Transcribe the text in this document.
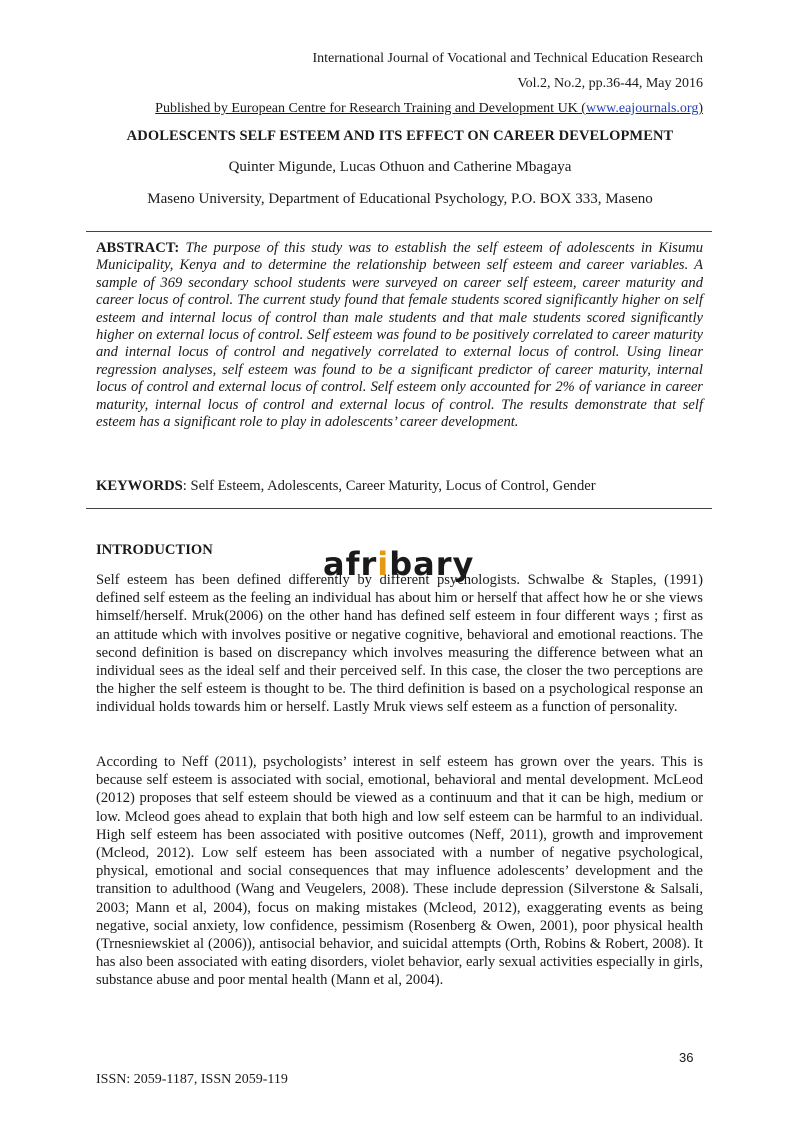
International Journal of Vocational and Technical Education Research
Vol.2, No.2, pp.36-44, May 2016
Published by European Centre for Research Training and Development UK (www.eajournals.org)
ADOLESCENTS SELF ESTEEM AND ITS EFFECT ON CAREER DEVELOPMENT
Quinter Migunde, Lucas Othuon and Catherine Mbagaya
Maseno University, Department of Educational Psychology, P.O. BOX 333, Maseno
ABSTRACT: The purpose of this study was to establish the self esteem of adolescents in Kisumu Municipality, Kenya and to determine the relationship between self esteem and career variables. A sample of 369 secondary school students were surveyed on career self esteem, career maturity and career locus of control. The current study found that female students scored significantly higher on self esteem and internal locus of control than male students and that male students scored significantly higher on external locus of control. Self esteem was found to be positively correlated to career maturity and internal locus of control and negatively correlated to external locus of control. Using linear regression analyses, self esteem was found to be a significant predictor of career maturity, internal locus of control and external locus of control. Self esteem only accounted for 2% of variance in career maturity, internal locus of control and external locus of control. The results demonstrate that self esteem has a significant role to play in adolescents’ career development.
KEYWORDS: Self Esteem, Adolescents, Career Maturity, Locus of Control, Gender
INTRODUCTION
Self esteem has been defined differently by different psychologists. Schwalbe & Staples, (1991) defined self esteem as the feeling an individual has about him or herself that affect how he or she views himself/herself. Mruk(2006) on the other hand has defined self esteem in four different ways ; first as an attitude which with involves positive or negative cognitive, behavioral and emotional reactions. The second definition is based on discrepancy which involves measuring the difference between what an individual sees as the ideal self and their perceived self. In this case, the closer the two perceptions are the higher the self esteem is thought to be. The third definition is based on a psychological response an individual holds towards him or herself. Lastly Mruk views self esteem as a function of personality.
According to Neff (2011), psychologists’ interest in self esteem has grown over the years. This is because self esteem is associated with social, emotional, behavioral and mental development. McLeod (2012) proposes that self esteem should be viewed as a continuum and that it can be high, medium or low. Mcleod goes ahead to explain that both high and low self esteem can be harmful to an individual. High self esteem has been associated with positive outcomes (Neff, 2011), growth and improvement (Mcleod, 2012). Low self esteem has been associated with a number of negative psychological, physical, emotional and social consequences that may influence adolescents’ development and the transition to adulthood (Wang and Veugelers, 2008). These include depression (Silverstone & Salsali, 2003; Mann et al, 2004), focus on making mistakes (Mcleod, 2012), exaggerating events as being negative, social anxiety, low confidence, pessimism (Rosenberg & Owen, 2001), poor physical health (Trnesniewskiet al (2006)), antisocial behavior, and suicidal attempts (Orth, Robins & Robert, 2008). It has also been associated with eating disorders, violet behavior, early sexual activities especially in girls, substance abuse and poor mental health (Mann et al, 2004).
afribary
36
ISSN: 2059-1187, ISSN 2059-119
